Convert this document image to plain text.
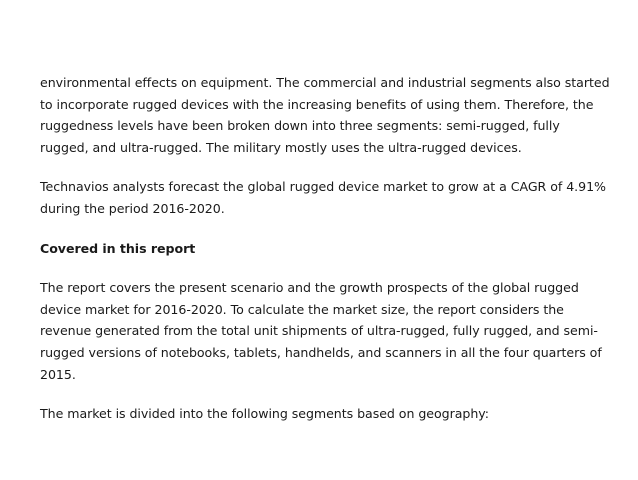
environmental effects on equipment. The commercial and industrial segments also started to incorporate rugged devices with the increasing benefits of using them. Therefore, the ruggedness levels have been broken down into three segments: semi-rugged, fully rugged, and ultra-rugged. The military mostly uses the ultra-rugged devices.

Technavios analysts forecast the global rugged device market to grow at a CAGR of 4.91% during the period 2016-2020.

Covered in this report

The report covers the present scenario and the growth prospects of the global rugged device market for 2016-2020. To calculate the market size, the report considers the revenue generated from the total unit shipments of ultra-rugged, fully rugged, and semi-rugged versions of notebooks, tablets, handhelds, and scanners in all the four quarters of 2015.

The market is divided into the following segments based on geography:
